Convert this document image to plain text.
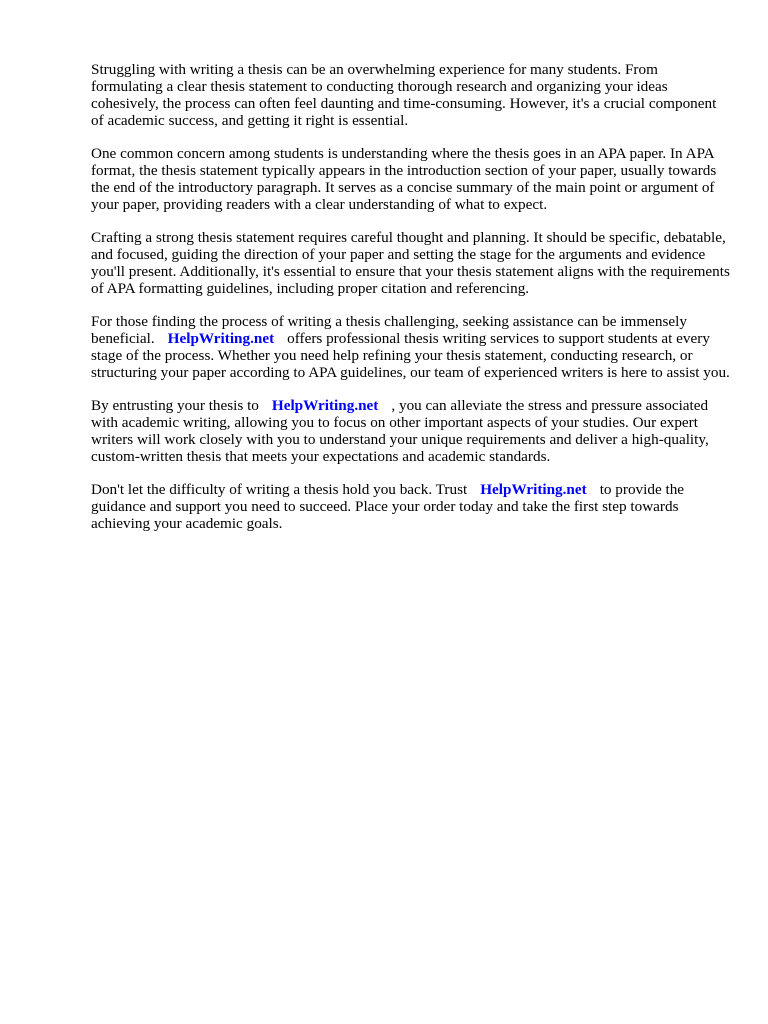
Struggling with writing a thesis can be an overwhelming experience for many students. From formulating a clear thesis statement to conducting thorough research and organizing your ideas cohesively, the process can often feel daunting and time-consuming. However, it's a crucial component of academic success, and getting it right is essential.

One common concern among students is understanding where the thesis goes in an APA paper. In APA format, the thesis statement typically appears in the introduction section of your paper, usually towards the end of the introductory paragraph. It serves as a concise summary of the main point or argument of your paper, providing readers with a clear understanding of what to expect.

Crafting a strong thesis statement requires careful thought and planning. It should be specific, debatable, and focused, guiding the direction of your paper and setting the stage for the arguments and evidence you'll present. Additionally, it's essential to ensure that your thesis statement aligns with the requirements of APA formatting guidelines, including proper citation and referencing.

For those finding the process of writing a thesis challenging, seeking assistance can be immensely beneficial. HelpWriting.net offers professional thesis writing services to support students at every stage of the process. Whether you need help refining your thesis statement, conducting research, or structuring your paper according to APA guidelines, our team of experienced writers is here to assist you.

By entrusting your thesis to HelpWriting.net , you can alleviate the stress and pressure associated with academic writing, allowing you to focus on other important aspects of your studies. Our expert writers will work closely with you to understand your unique requirements and deliver a high-quality, custom-written thesis that meets your expectations and academic standards.

Don't let the difficulty of writing a thesis hold you back. Trust HelpWriting.net to provide the guidance and support you need to succeed. Place your order today and take the first step towards achieving your academic goals.
